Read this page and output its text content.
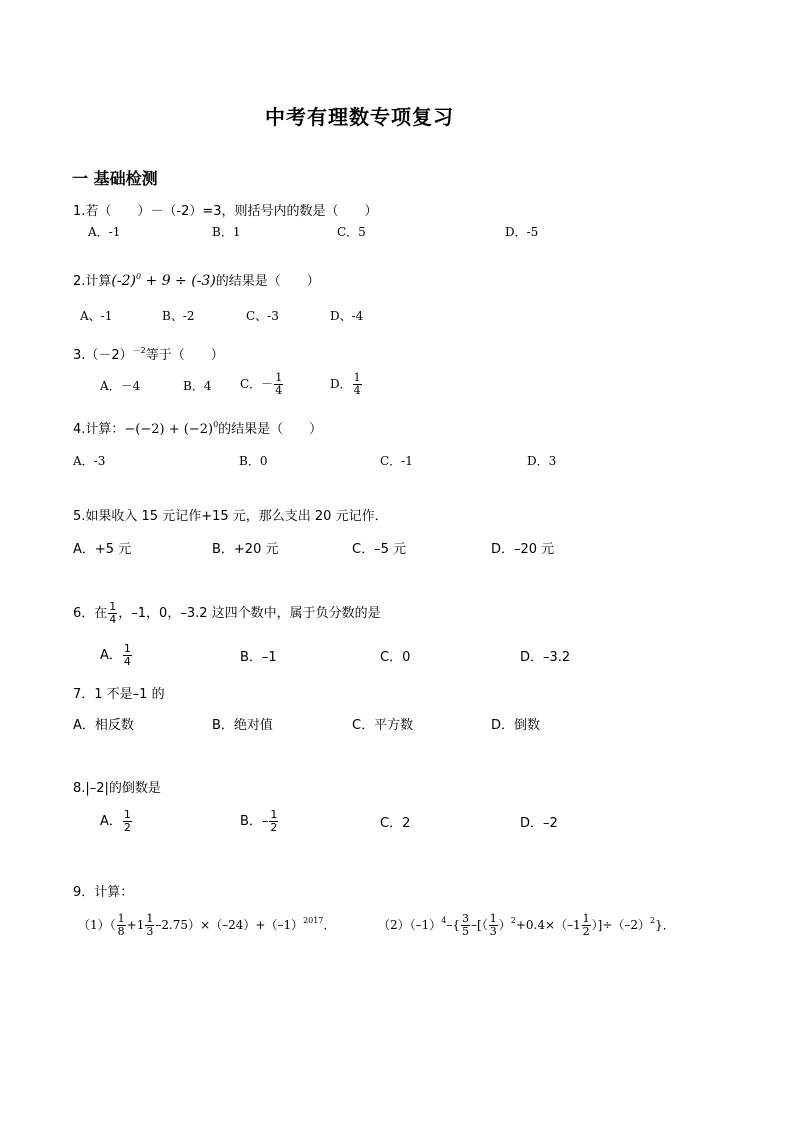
中考有理数专项复习
一 基础检测
1.若（　　）－（-2）=3，则括号内的数是（　　）
A．-1	B．1	C．5	D．-5
2.计算$(-2)^0 + 9 \div (-3)$的结果是（　　）
A、-1	B、-2	C、-3	D、-4
$3.(-2)^{-2}$等于（　　）
A．－4	B．4 C．－ $\frac{1}{4}$	D． $\frac{1}{4}$
4.计算：$-(-2) + (-2)^0$的结果是（　　）
A．-3	B．0	C．-1	D．3
5.如果收入 15 元记作+15 元，那么支出 20 元记作．
A．+5 元	B．+20 元	C．–5 元	D．–20 元
6．在 $\frac{1}{4}$ ，–1，0，–3.2 这四个数中，属于负分数的是
A． $\frac{1}{4}$	B．–1	C．0	D．–3.2
7．1 不是–1 的
A．相反数	B．绝对值	C．平方数	D．倒数
8.|–2|的倒数是
A． $\frac{1}{2}$	B．– $\frac{1}{2}$	C．2	D．–2
9．计算：
$(1)( \frac{1}{8} +1 \frac{1}{3} -2.75)\times(-24)+(-1)^{2017}$．	$(2)(-1)^4-\{ \frac{3}{5}$ –[（ $\frac{1}{3} )^2+0.4\times(-1 \frac{1}{2} )]\div(-2)^2$}．
